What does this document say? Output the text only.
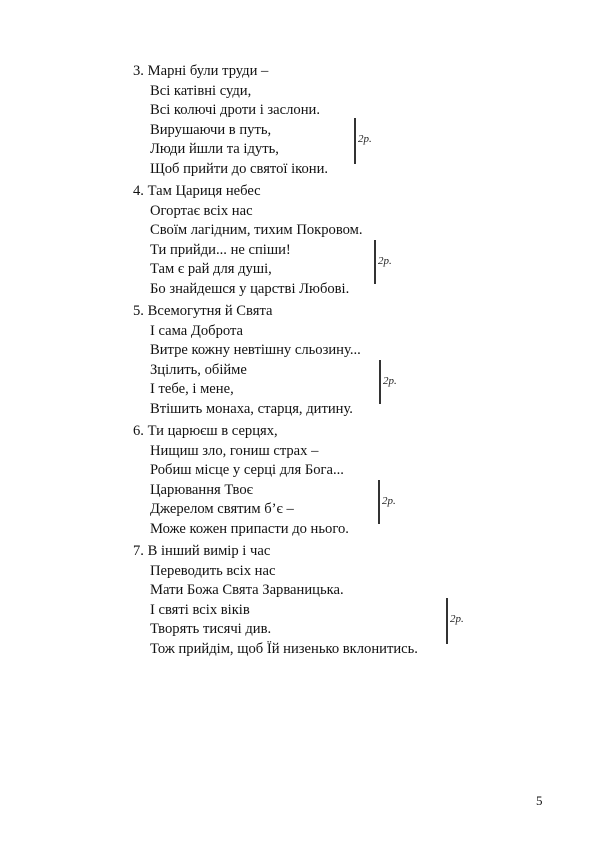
3. Марні були труди –
Всі катівні суди,
Всі колючі дроти і заслони.
Вирушаючи в путь,
Люди йшли та ідуть,
Щоб прийти до святої ікони.
2р.
4. Там Цариця небес
Огортає всіх нас
Своїм лагідним, тихим Покровом.
Ти прийди... не спіши!
Там є рай для душі,
Бо знайдешся у царстві Любові.
2р.
5. Всемогутня й Свята
І сама Доброта
Витре кожну невтішну сльозину...
Зцілить, обійме
І тебе, і мене,
Втішить монаха, старця, дитину.
2р.
6. Ти царюєш в серцях,
Нищиш зло, гониш страх –
Робиш місце у серці для Бога...
Царювання Твоє
Джерелом святим б’є –
Може кожен припасти до нього.
2р.
7. В інший вимір і час
Переводить всіх нас
Мати Божа Свята Зарваницька.
І святі всіх віків
Творять тисячі див.
Тож прийдім, щоб Їй низенько вклонитись.
2р.
5
